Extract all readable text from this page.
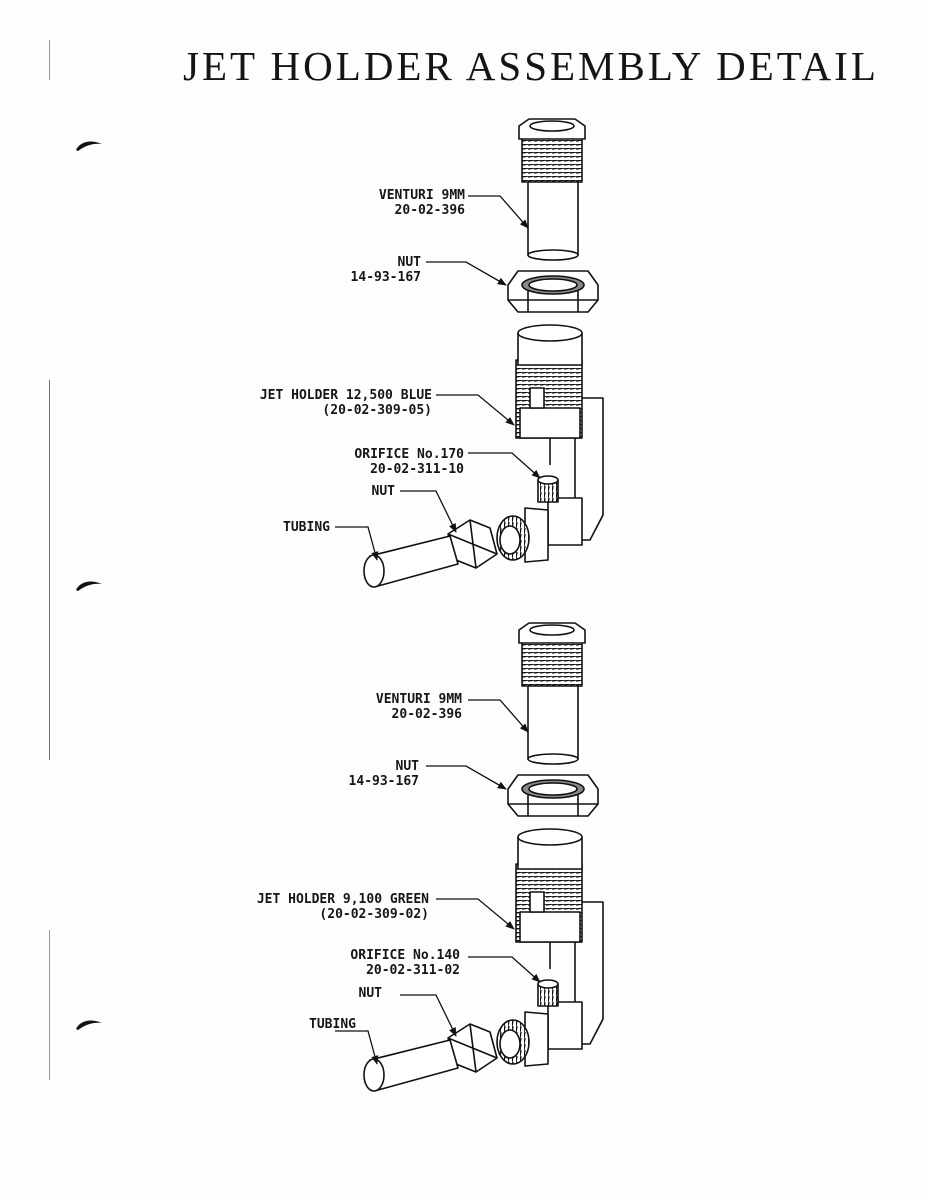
JET HOLDER ASSEMBLY DETAIL
VENTURI 9MM
20-02-396
NUT
14-93-167
JET HOLDER 12,500 BLUE
(20-02-309-05)
ORIFICE No.170
20-02-311-10
NUT
TUBING
VENTURI 9MM
20-02-396
NUT
14-93-167
JET HOLDER 9,100 GREEN
(20-02-309-02)
ORIFICE No.140
20-02-311-02
NUT
TUBING
